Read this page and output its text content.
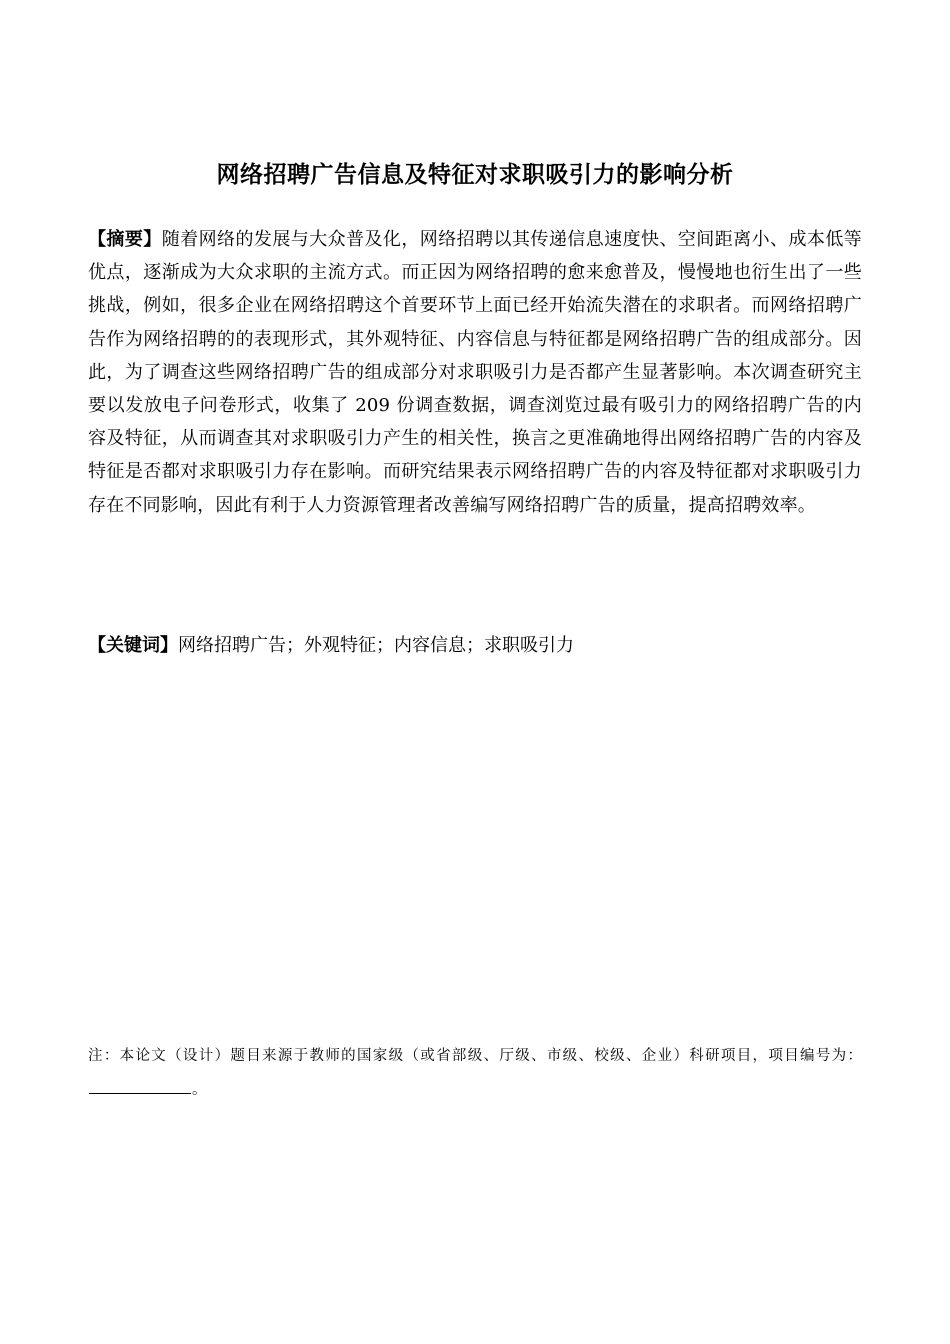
网络招聘广告信息及特征对求职吸引力的影响分析
【摘要】随着网络的发展与大众普及化，网络招聘以其传递信息速度快、空间距离小、成本低等优点，逐渐成为大众求职的主流方式。而正因为网络招聘的愈来愈普及，慢慢地也衍生出了一些挑战，例如，很多企业在网络招聘这个首要环节上面已经开始流失潜在的求职者。而网络招聘广告作为网络招聘的的表现形式，其外观特征、内容信息与特征都是网络招聘广告的组成部分。因此，为了调查这些网络招聘广告的组成部分对求职吸引力是否都产生显著影响。本次调查研究主要以发放电子问卷形式，收集了 209 份调查数据，调查浏览过最有吸引力的网络招聘广告的内容及特征，从而调查其对求职吸引力产生的相关性，换言之更准确地得出网络招聘广告的内容及特征是否都对求职吸引力存在影响。而研究结果表示网络招聘广告的内容及特征都对求职吸引力存在不同影响，因此有利于人力资源管理者改善编写网络招聘广告的质量，提高招聘效率。
【关键词】网络招聘广告；外观特征；内容信息；求职吸引力
注：本论文（设计）题目来源于教师的国家级（或省部级、厅级、市级、校级、企业）科研项目，项目编号为：。
